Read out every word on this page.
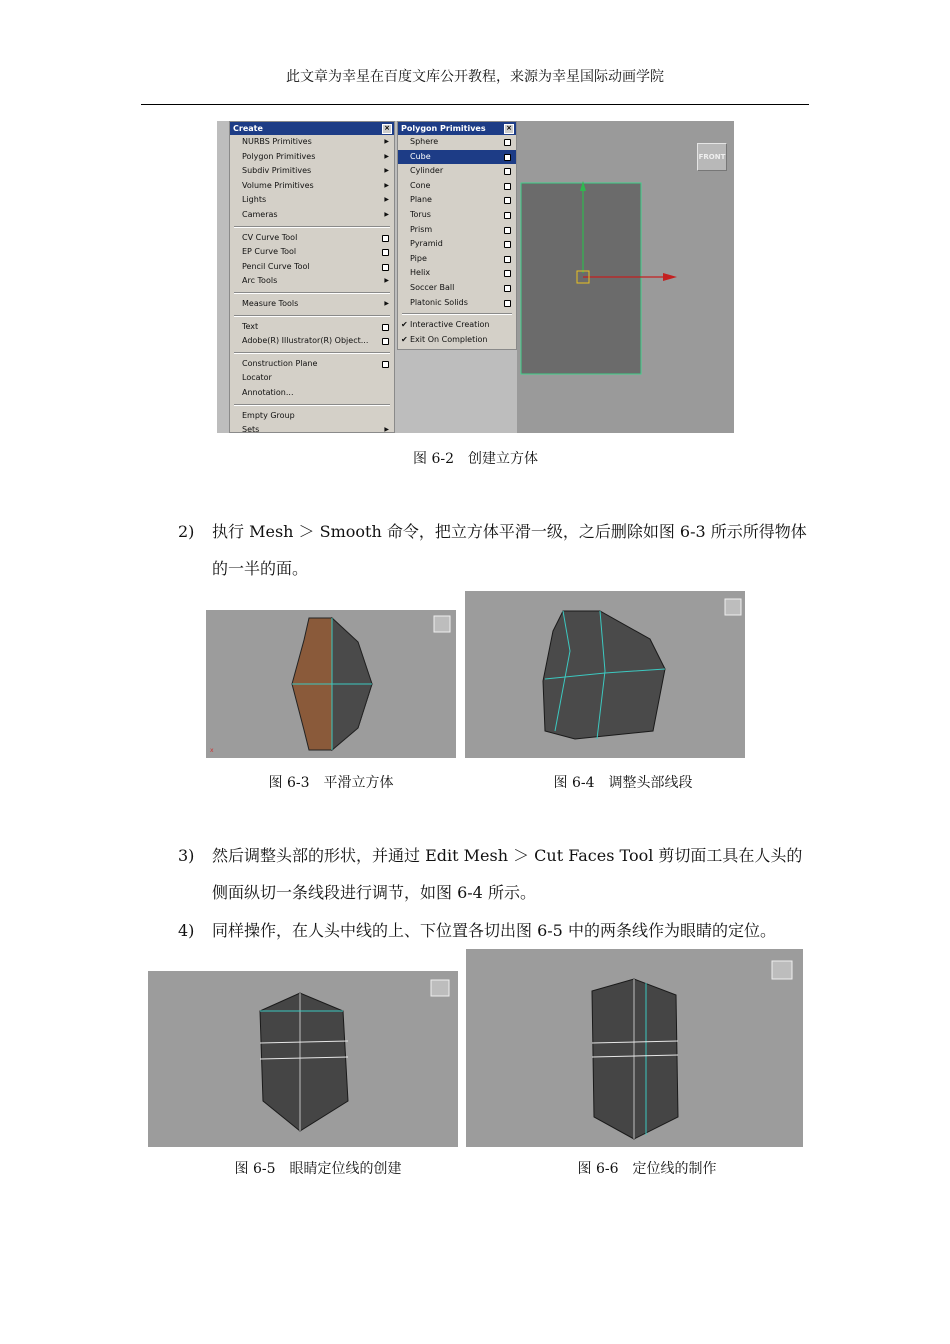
此文章为幸星在百度文库公开教程，来源为幸星国际动画学院
FRONT
Create	×
NURBS Primitives	▶
Polygon Primitives	▶
Subdiv Primitives	▶
Volume Primitives	▶
Lights	▶
Cameras	▶
CV Curve Tool
EP Curve Tool
Pencil Curve Tool
Arc Tools	▶
Measure Tools	▶
Text
Adobe(R) Illustrator(R) Object...
Construction Plane
Locator
Annotation...
Empty Group
Sets	▶
Polygon Primitives	×
Sphere
Cube
Cylinder
Cone
Plane
Torus
Prism
Pyramid
Pipe
Helix
Soccer Ball
Platonic Solids
✔ Interactive Creation
✔ Exit On Completion
图 6-2　创建立方体
2) 执行 Mesh ＞ Smooth 命令，把立方体平滑一级，之后删除如图 6-3 所示所得物体的一半的面。
x
图 6-3　平滑立方体	图 6-4　调整头部线段
3) 然后调整头部的形状，并通过 Edit Mesh ＞ Cut Faces Tool 剪切面工具在人头的侧面纵切一条线段进行调节，如图 6-4 所示。
4) 同样操作，在人头中线的上、下位置各切出图 6-5 中的两条线作为眼睛的定位。
图 6-5　眼睛定位线的创建	图 6-6　定位线的制作
